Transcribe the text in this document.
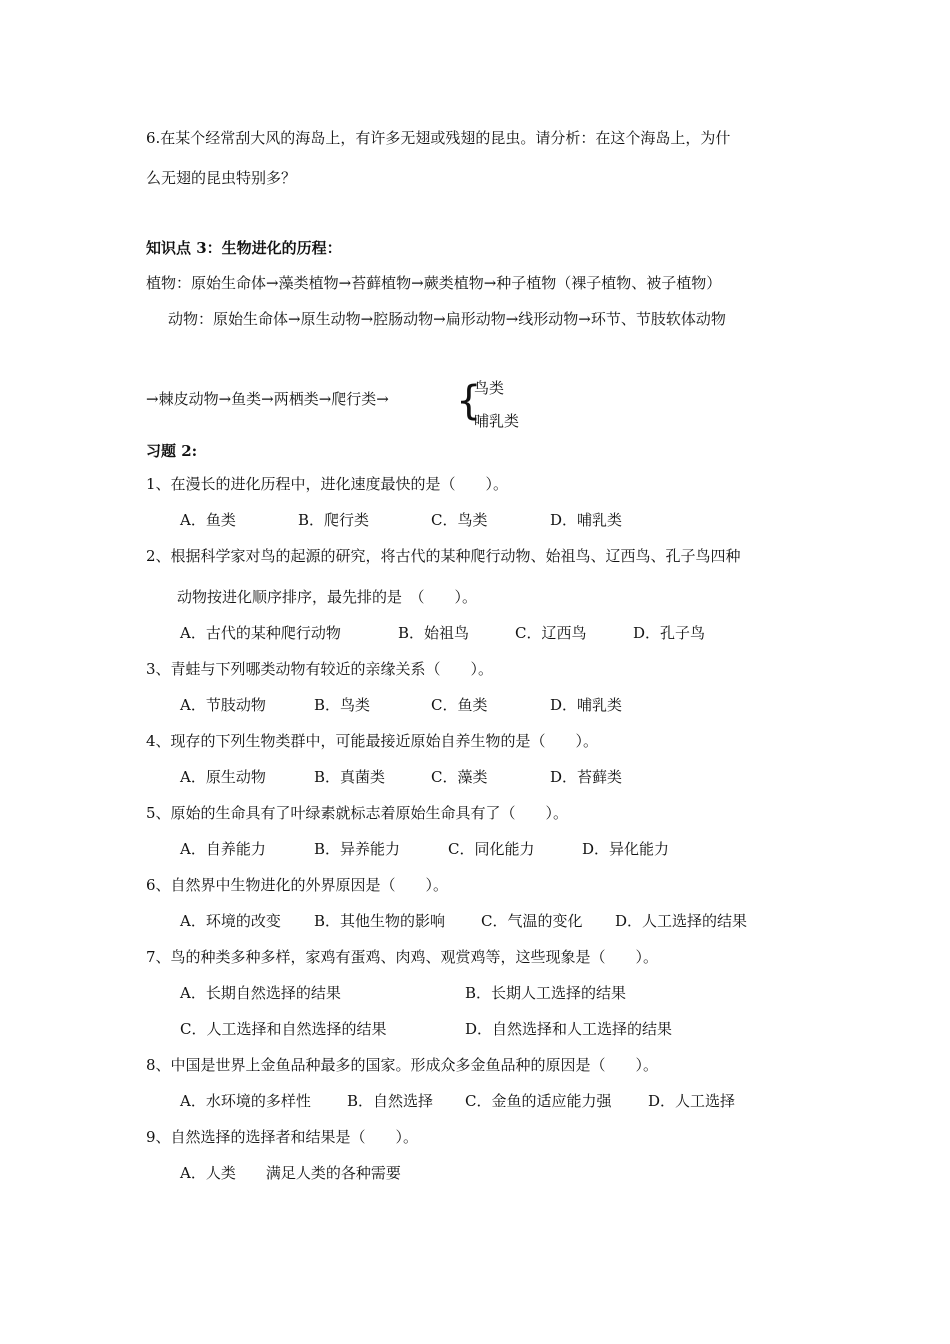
6.在某个经常刮大风的海岛上，有许多无翅或残翅的昆虫。请分析：在这个海岛上，为什
么无翅的昆虫特别多？
知识点 3：生物进化的历程：
植物：原始生命体→藻类植物→苔藓植物→蕨类植物→种子植物（裸子植物、被子植物）
动物：原始生命体→原生动物→腔肠动物→扁形动物→线形动物→环节、节肢软体动物
→棘皮动物→鱼类→两栖类→爬行类→ {
鸟类
哺乳类
习题 2:
1、在漫长的进化历程中，进化速度最快的是（　　）。
A．鱼类	B．爬行类	C．鸟类	D．哺乳类
2、根据科学家对鸟的起源的研究，将古代的某种爬行动物、始祖鸟、辽西鸟、孔子鸟四种
动物按进化顺序排序，最先排的是　（　　）。
A．古代的某种爬行动物	B．始祖鸟	C．辽西鸟	D．孔子鸟
3、青蛙与下列哪类动物有较近的亲缘关系（　　）。
A．节肢动物	B．鸟类	C．鱼类	D．哺乳类
4、现存的下列生物类群中，可能最接近原始自养生物的是（　　）。
A．原生动物	B．真菌类	C．藻类	D．苔藓类
5、原始的生命具有了叶绿素就标志着原始生命具有了（　　）。
A．自养能力	B．异养能力	C．同化能力	D．异化能力
6、自然界中生物进化的外界原因是（　　）。
A．环境的改变 B．其他生物的影响 C．气温的变化 D．人工选择的结果
7、鸟的种类多种多样，家鸡有蛋鸡、肉鸡、观赏鸡等，这些现象是（　　）。
A．长期自然选择的结果	B．长期人工选择的结果
C．人工选择和自然选择的结果	D．自然选择和人工选择的结果
8、中国是世界上金鱼品种最多的国家。形成众多金鱼品种的原因是（　　）。
A．水环境的多样性 B．自然选择 C．金鱼的适应能力强 D．人工选择
9、自然选择的选择者和结果是（　　）。
A．人类　　满足人类的各种需要
